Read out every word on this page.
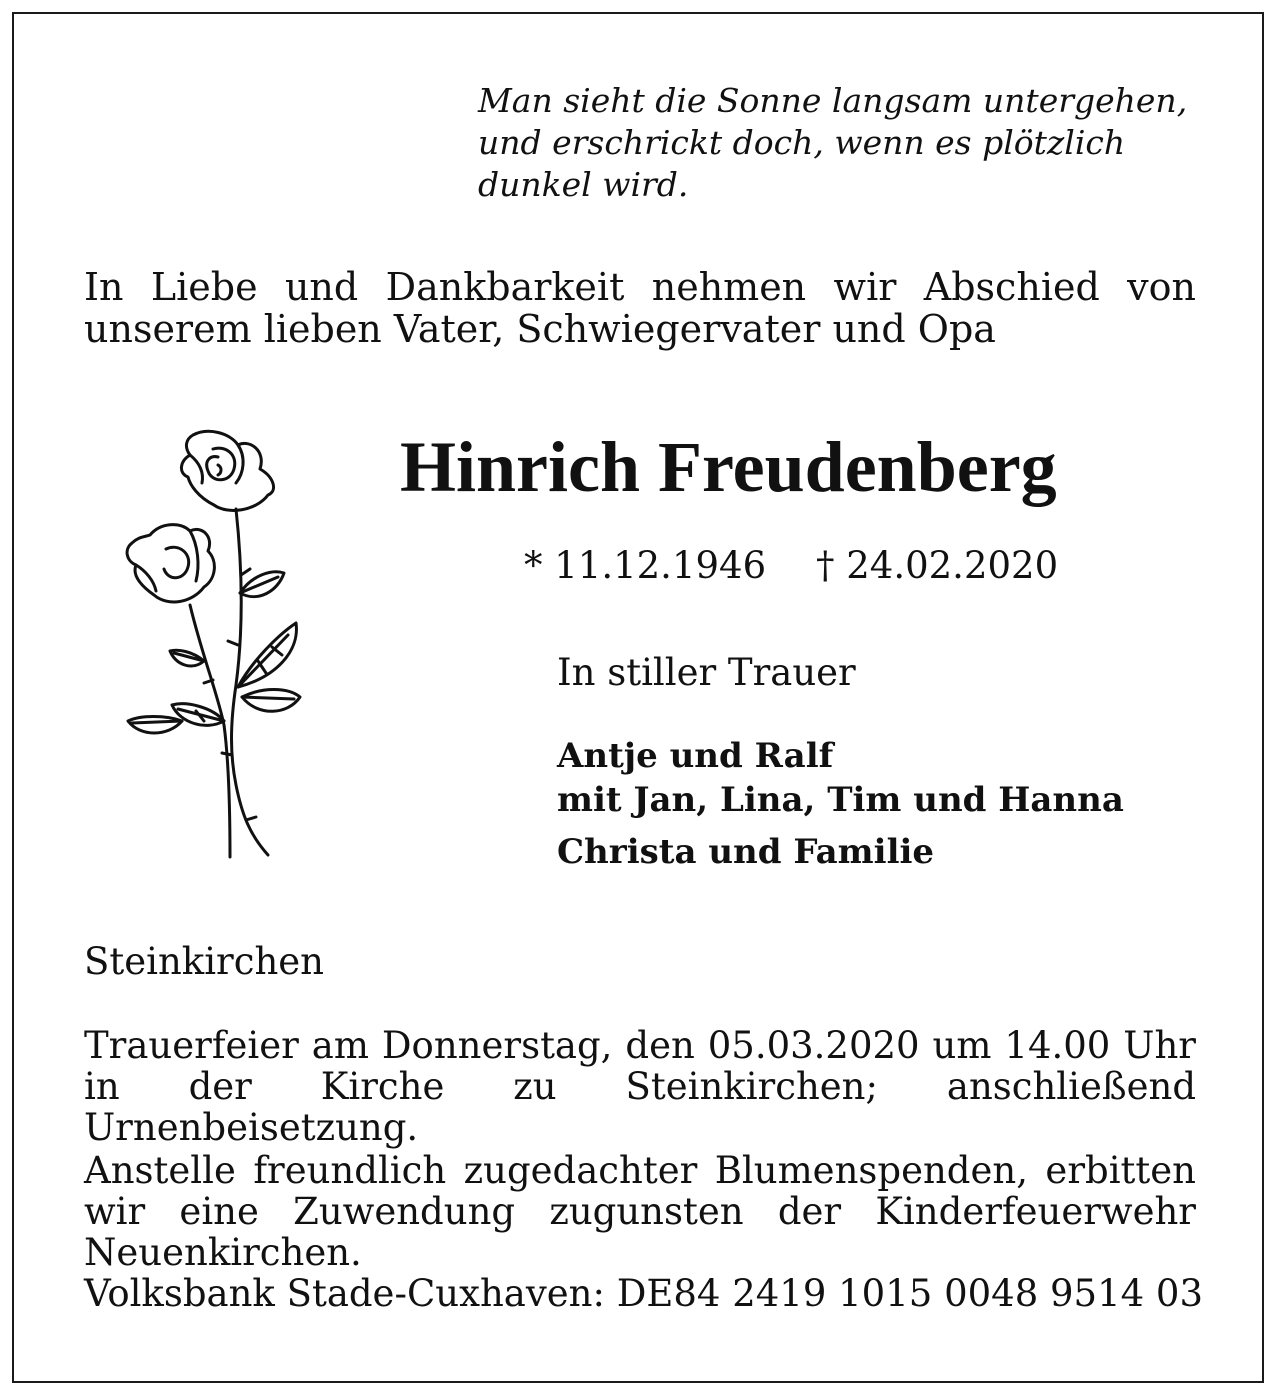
Man sieht die Sonne langsam untergehen,
und erschrickt doch, wenn es plötzlich
dunkel wird.
In Liebe und Dankbarkeit nehmen wir Abschied von
unserem lieben Vater, Schwiegervater und Opa
Hinrich Freudenberg
* 11.12.1946 † 24.02.2020
In stiller Trauer
Antje und Ralf
mit Jan, Lina, Tim und Hanna
Christa und Familie
Steinkirchen
Trauerfeier am Donnerstag, den 05.03.2020 um 14.00 Uhr
in der Kirche zu Steinkirchen; anschließend Urnenbeisetzung.
Anstelle freundlich zugedachter Blumenspenden, erbitten
wir eine Zuwendung zugunsten der Kinderfeuerwehr
Neuenkirchen.
Volksbank Stade-Cuxhaven: DE84 2419 1015 0048 9514 03
